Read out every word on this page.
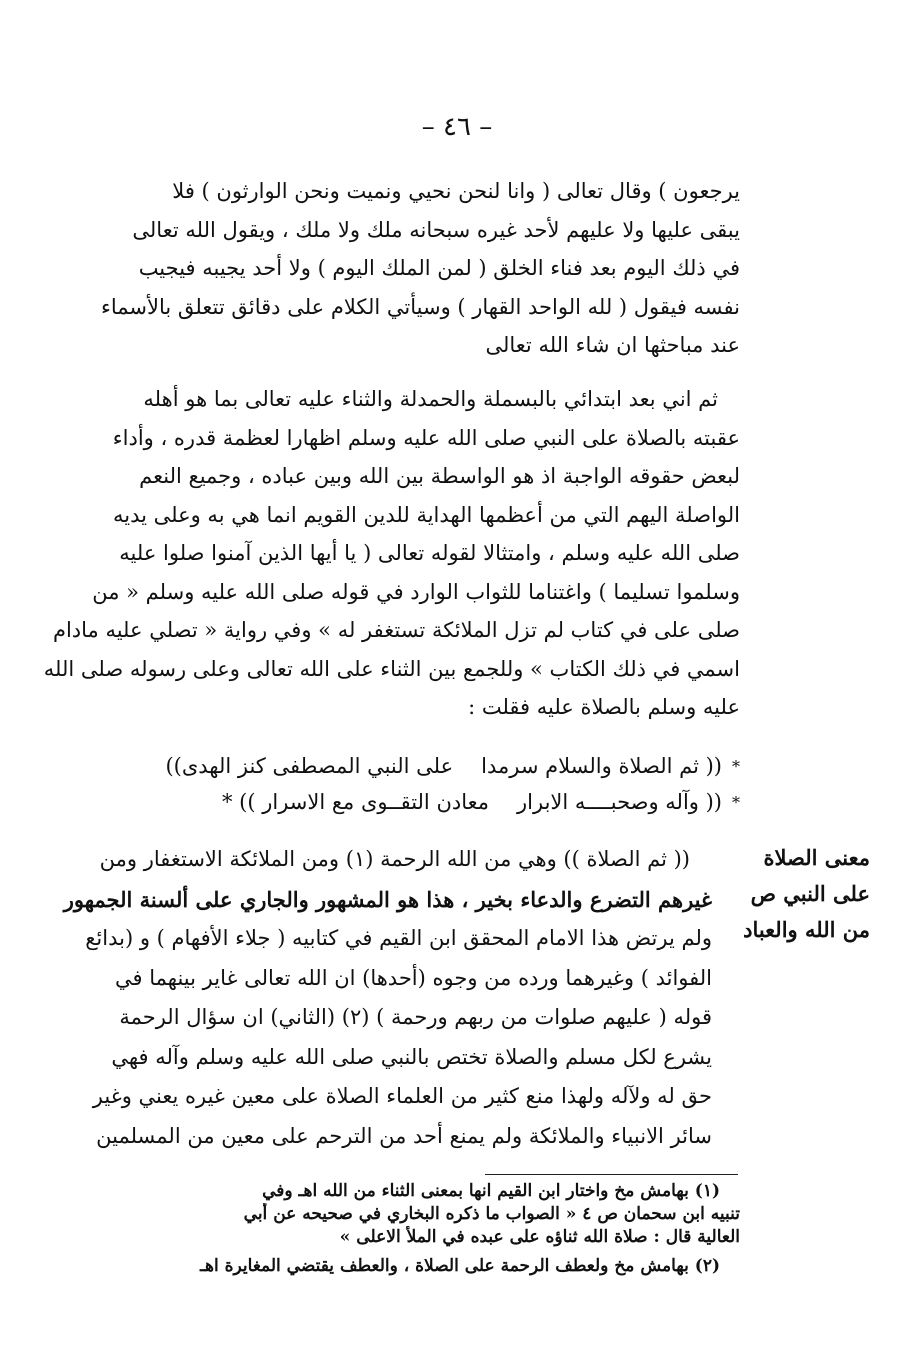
– ٤٦ –
يرجعون ) وقال تعالى ( وانا لنحن نحيي ونميت ونحن الوارثون ) فلا
يبقى عليها ولا عليهم لأحد غيره سبحانه ملك ولا ملك ، ويقول الله تعالى
في ذلك اليوم بعد فناء الخلق ( لمن الملك اليوم ) ولا أحد يجيبه فيجيب
نفسه فيقول ( لله الواحد القهار ) وسيأتي الكلام على دقائق تتعلق بالأسماء
عند مباحثها ان شاء الله تعالى
ثم اني بعد ابتدائي بالبسملة والحمدلة والثناء عليه تعالى بما هو أهله
عقبته بالصلاة على النبي صلى الله عليه وسلم اظهارا لعظمة قدره ، وأداء
لبعض حقوقه الواجبة اذ هو الواسطة بين الله وبين عباده ، وجميع النعم
الواصلة اليهم التي من أعظمها الهداية للدين القويم انما هي به وعلى يديه
صلى الله عليه وسلم ، وامتثالا لقوله تعالى ( يا أيها الذين آمنوا صلوا عليه
وسلموا تسليما ) واغتناما للثواب الوارد في قوله صلى الله عليه وسلم « من
صلى على في كتاب لم تزل الملائكة تستغفر له » وفي رواية « تصلي عليه مادام
اسمي في ذلك الكتاب » وللجمع بين الثناء على الله تعالى وعلى رسوله صلى الله
عليه وسلم بالصلاة عليه فقلت :
*
(( ثم الصلاة والسلام سرمدا
على النبي المصطفى كنز الهدى))
*
(( وآله وصحبــــه الابرار
معادن التقــوى مع الاسرار )) *
معنى الصلاة
على النبي ص
من الله والعباد
(( ثم الصلاة )) وهي من الله الرحمة (١) ومن الملائكة الاستغفار ومن
غيرهم التضرع والدعاء بخير ، هذا هو المشهور والجاري على ألسنة الجمهور
ولم يرتض هذا الامام المحقق ابن القيم في كتابيه ( جلاء الأفهام ) و (بدائع
الفوائد ) وغيرهما ورده من وجوه (أحدها) ان الله تعالى غاير بينهما في
قوله ( عليهم صلوات من ربهم ورحمة ) (٢) (الثاني) ان سؤال الرحمة
يشرع لكل مسلم والصلاة تختص بالنبي صلى الله عليه وسلم وآله فهي
حق له ولآله ولهذا منع كثير من العلماء الصلاة على معين غيره يعني وغير
سائر الانبياء والملائكة ولم يمنع أحد من الترحم على معين من المسلمين
(١) بهامش مخ واختار ابن القيم انها بمعنى الثناء من الله اهـ وفي
تنبيه ابن سحمان ص ٤ « الصواب ما ذكره البخاري في صحيحه عن أبي
العالية قال : صلاة الله ثناؤه على عبده في الملأ الاعلى »
(٢) بهامش مخ ولعطف الرحمة على الصلاة ، والعطف يقتضي المغايرة اهـ
